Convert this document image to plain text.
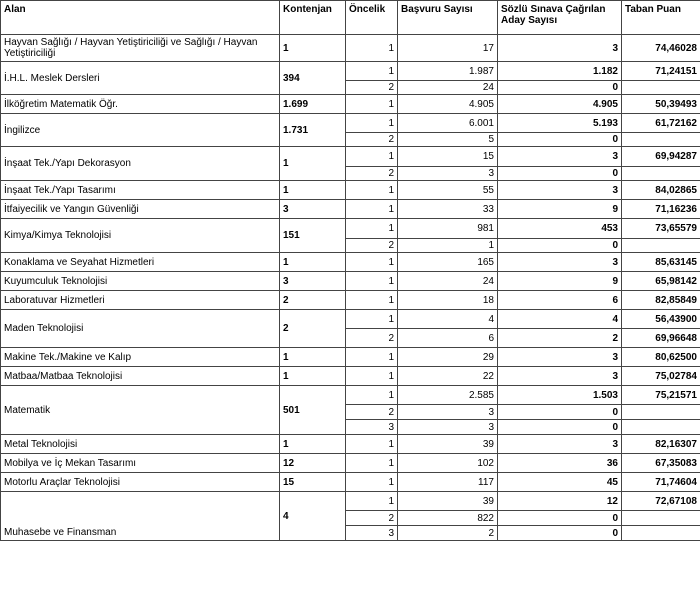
Alan	Kontenjan	Öncelik	Başvuru Sayısı	Sözlü Sınava Çağrılan Aday Sayısı	Taban Puan
Hayvan Sağlığı / Hayvan Yetiştiriciliği ve Sağlığı / Hayvan Yetiştiriciliği	1	1	17	3	74,46028
İ.H.L. Meslek Dersleri	394	1	1.987	1.182	71,24151
		2	24	0	
İlköğretim Matematik Öğr.	1.699	1	4.905	4.905	50,39493
İngilizce	1.731	1	6.001	5.193	61,72162
		2	5	0	
İnşaat Tek./Yapı Dekorasyon	1	1	15	3	69,94287
		2	3	0	
İnşaat Tek./Yapı Tasarımı	1	1	55	3	84,02865
İtfaiyecilik ve Yangın Güvenliği	3	1	33	9	71,16236
Kimya/Kimya Teknolojisi	151	1	981	453	73,65579
		2	1	0	
Konaklama ve Seyahat Hizmetleri	1	1	165	3	85,63145
Kuyumculuk Teknolojisi	3	1	24	9	65,98142
Laboratuvar Hizmetleri	2	1	18	6	82,85849
Maden Teknolojisi	2	1	4	4	56,43900
		2	6	2	69,96648
Makine Tek./Makine ve Kalıp	1	1	29	3	80,62500
Matbaa/Matbaa Teknolojisi	1	1	22	3	75,02784
Matematik	501	1	2.585	1.503	75,21571
		2	3	0	
		3	3	0	
Metal Teknolojisi	1	1	39	3	82,16307
Mobilya ve İç Mekan Tasarımı	12	1	102	36	67,35083
Motorlu Araçlar Teknolojisi	15	1	117	45	71,74604
Muhasebe ve Finansman	4	1	39	12	72,67108
		2	822	0	
		3	2	0	
